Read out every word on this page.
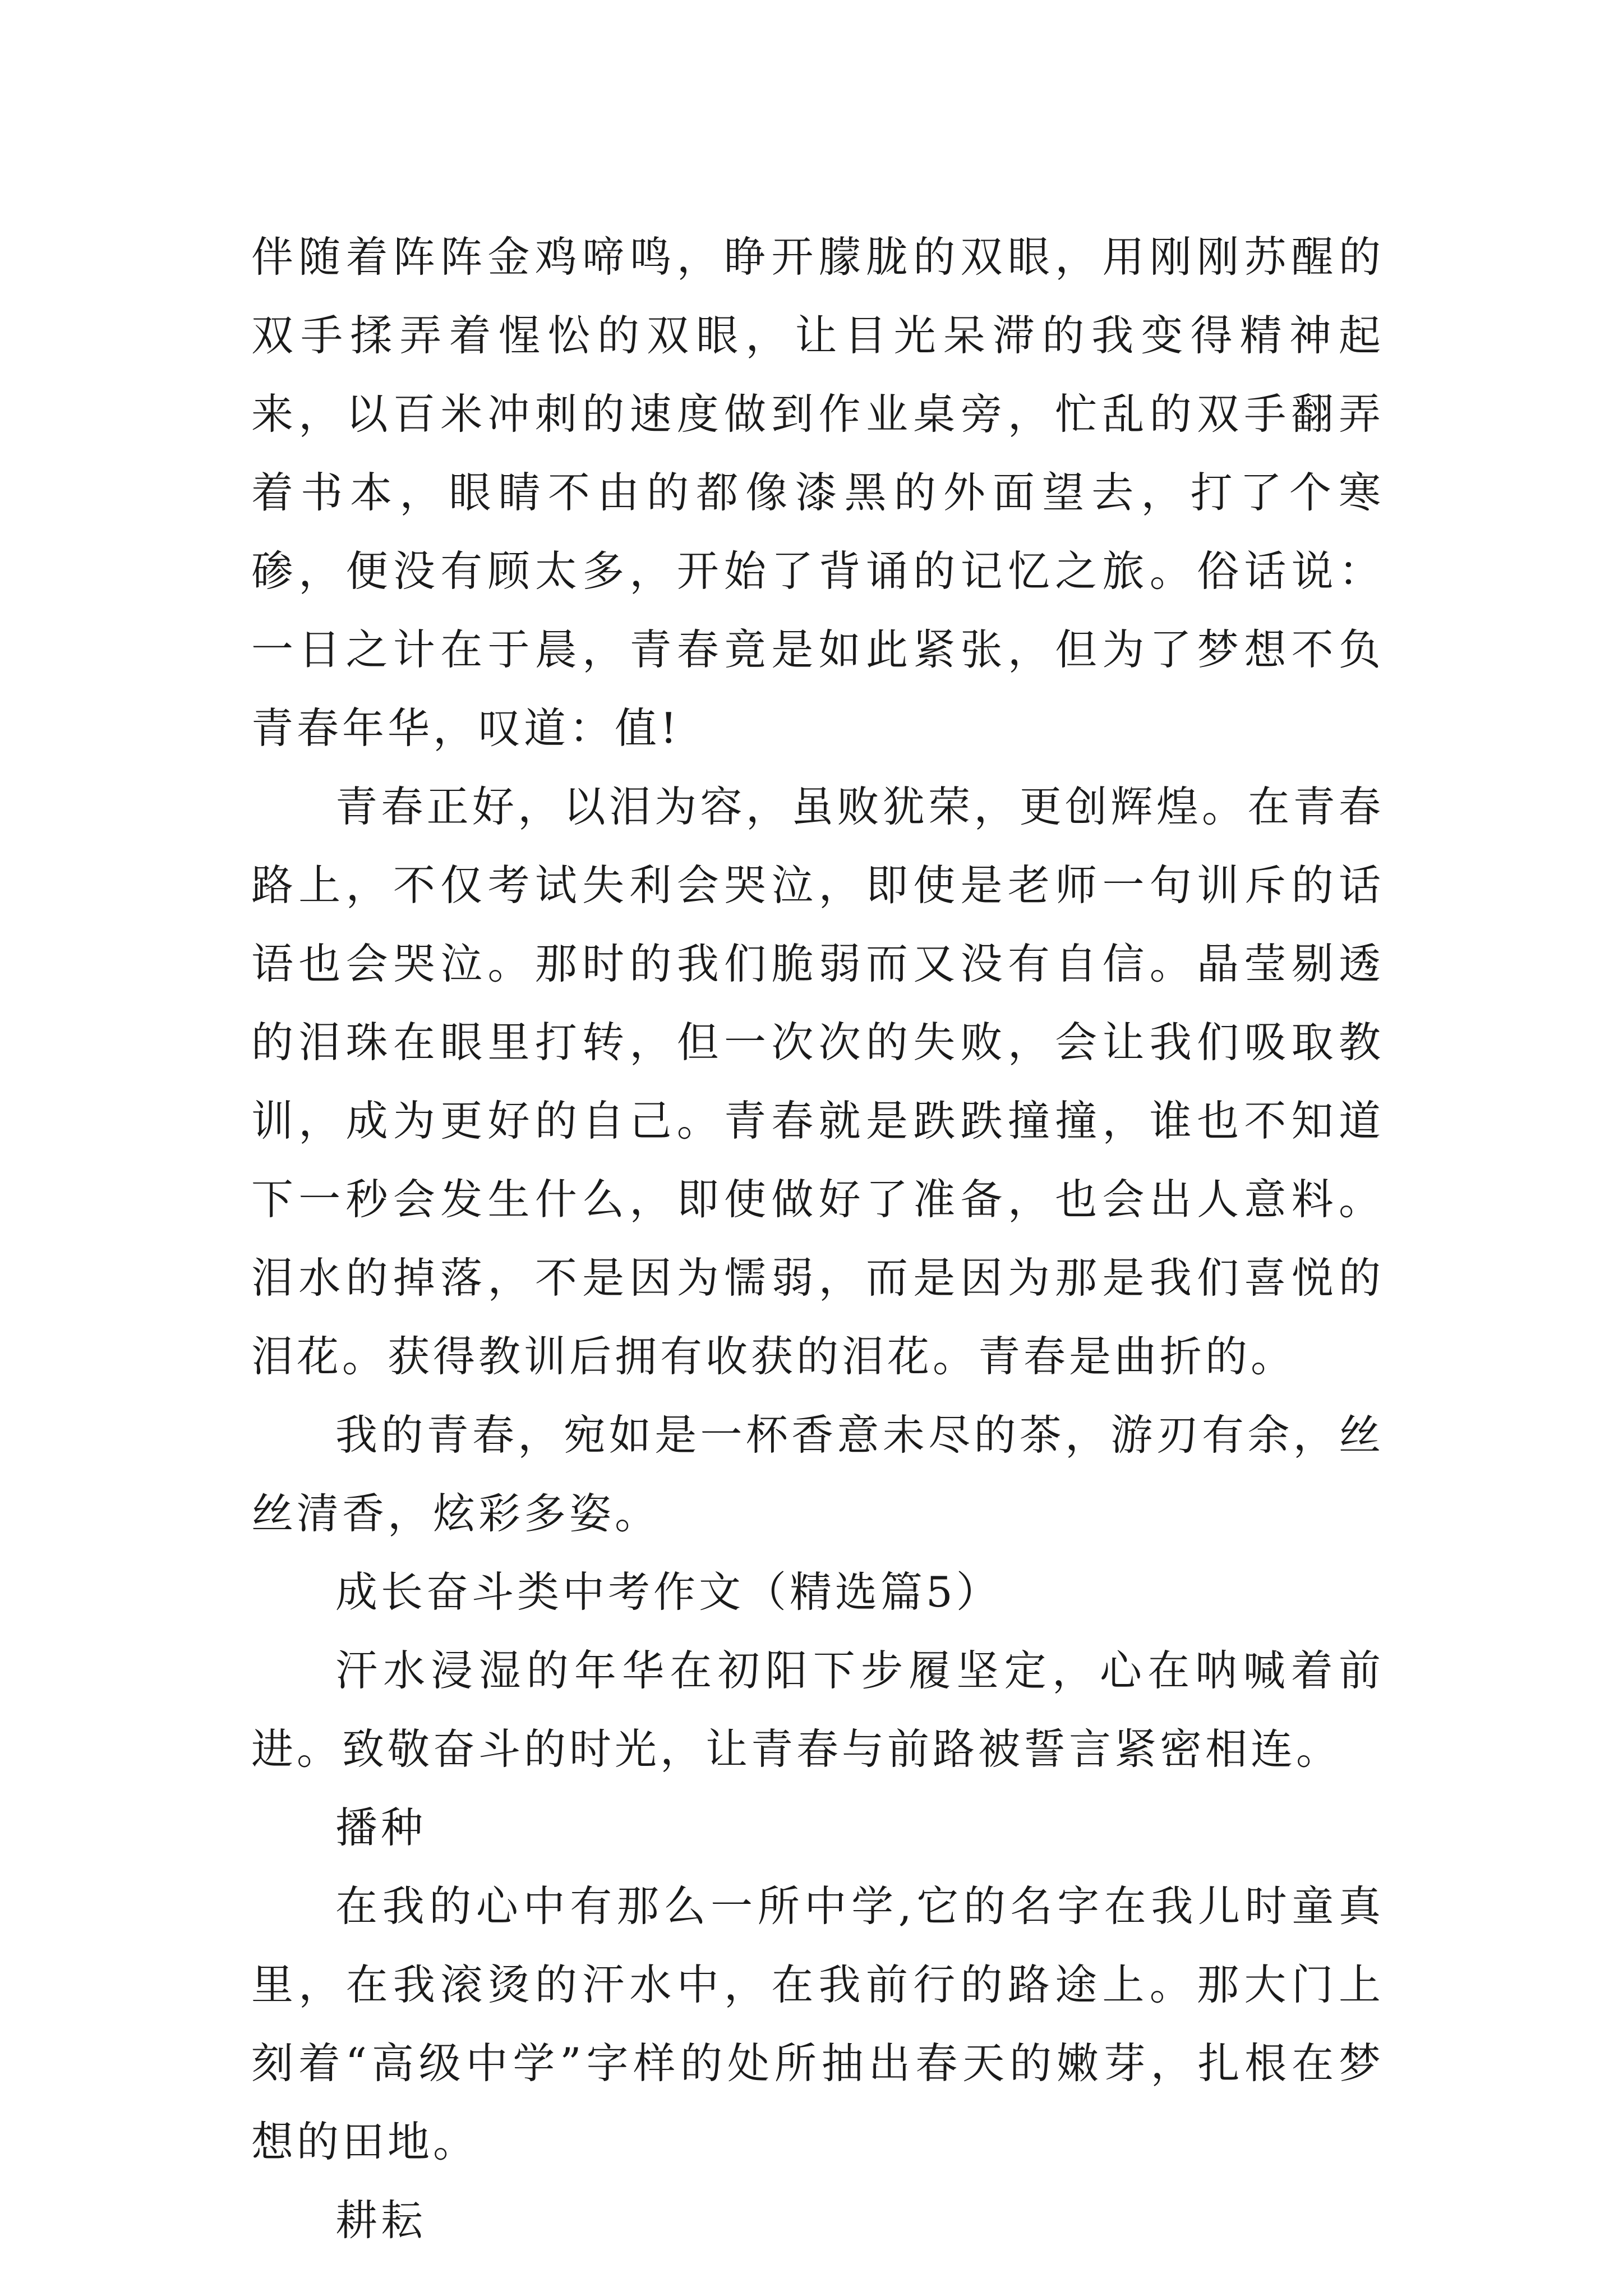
伴随着阵阵金鸡啼鸣，睁开朦胧的双眼，用刚刚苏醒的双手揉弄着惺忪的双眼，让目光呆滞的我变得精神起来，以百米冲刺的速度做到作业桌旁，忙乱的双手翻弄着书本，眼睛不由的都像漆黑的外面望去，打了个寒碜，便没有顾太多，开始了背诵的记忆之旅。俗话说：一日之计在于晨，青春竟是如此紧张，但为了梦想不负青春年华，叹道：值!

青春正好，以泪为容，虽败犹荣，更创辉煌。在青春路上，不仅考试失利会哭泣，即使是老师一句训斥的话语也会哭泣。那时的我们脆弱而又没有自信。晶莹剔透的泪珠在眼里打转，但一次次的失败，会让我们吸取教训，成为更好的自己。青春就是跌跌撞撞，谁也不知道下一秒会发生什么，即使做好了准备，也会出人意料。泪水的掉落，不是因为懦弱，而是因为那是我们喜悦的泪花。获得教训后拥有收获的泪花。青春是曲折的。

我的青春，宛如是一杯香意未尽的茶，游刃有余，丝丝清香，炫彩多姿。

成长奋斗类中考作文（精选篇5）

汗水浸湿的年华在初阳下步履坚定，心在呐喊着前进。致敬奋斗的时光，让青春与前路被誓言紧密相连。

播种

在我的心中有那么一所中学,它的名字在我儿时童真里，在我滚烫的汗水中，在我前行的路途上。那大门上刻着“高级中学”字样的处所抽出春天的嫩芽，扎根在梦想的田地。

耕耘
